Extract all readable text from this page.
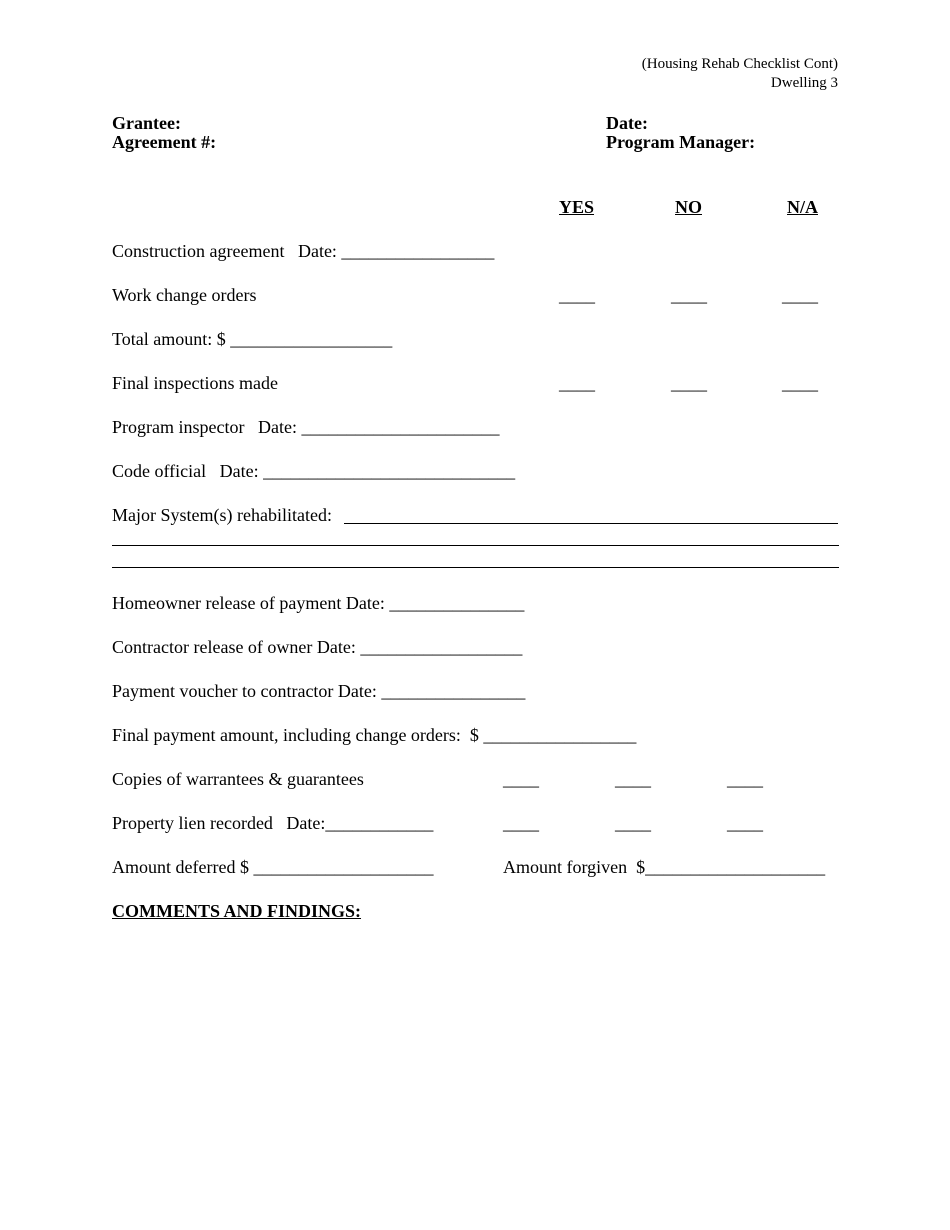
(Housing Rehab Checklist Cont)
Dwelling 3
Grantee:
Agreement #:
Date:
Program Manager:
YES	NO	N/A
Construction agreement   Date: _________________
Work change orders	____	____	____
Total amount: $ __________________
Final inspections made	____	____	____
Program inspector   Date: ______________________
Code official   Date: ____________________________
Major System(s) rehabilitated:
Homeowner release of payment Date: _______________
Contractor release of owner Date: __________________
Payment voucher to contractor Date: ________________
Final payment amount, including change orders:  $ _________________
Copies of warrantees & guarantees	____	____	____
Property lien recorded   Date:____________	____	____	____
Amount deferred $ ____________________	Amount forgiven  $____________________
COMMENTS AND FINDINGS:
